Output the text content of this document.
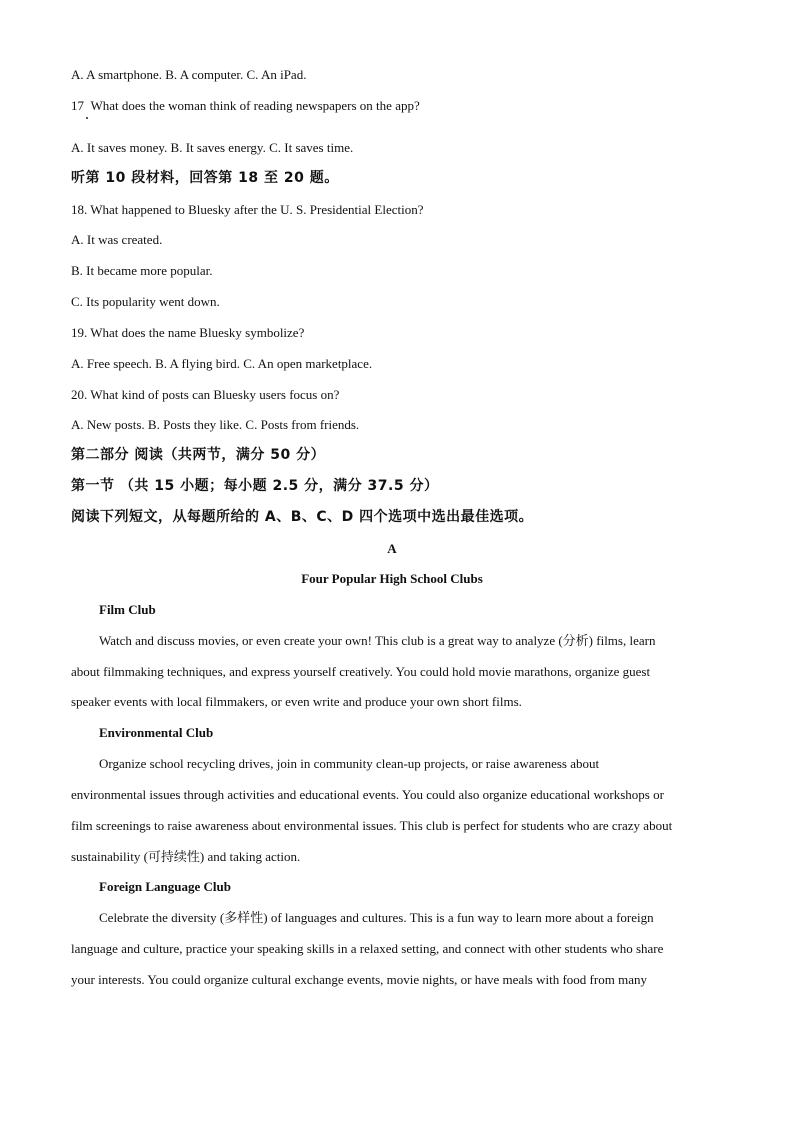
A. A smartphone. B. A computer. C. An iPad.
17 What does the woman think of reading newspapers on the app?
A. It saves money. B. It saves energy. C. It saves time.
听第 10 段材料，回答第 18 至 20 题。
18. What happened to Bluesky after the U. S. Presidential Election?
A. It was created.
B. It became more popular.
C. Its popularity went down.
19. What does the name Bluesky symbolize?
A. Free speech. B. A flying bird. C. An open marketplace.
20. What kind of posts can Bluesky users focus on?
A. New posts. B. Posts they like. C. Posts from friends.
第二部分 阅读（共两节，满分 50 分）
第一节 （共 15 小题；每小题 2.5 分，满分 37.5 分）
阅读下列短文，从每题所给的 A、B、C、D 四个选项中选出最佳选项。
A
Four Popular High School Clubs
Film Club
Watch and discuss movies, or even create your own! This club is a great way to analyze (分析) films, learn
about filmmaking techniques, and express yourself creatively. You could hold movie marathons, organize guest
speaker events with local filmmakers, or even write and produce your own short films.
Environmental Club
Organize school recycling drives, join in community clean-up projects, or raise awareness about
environmental issues through activities and educational events. You could also organize educational workshops or
film screenings to raise awareness about environmental issues. This club is perfect for students who are crazy about
sustainability (可持续性) and taking action.
Foreign Language Club
Celebrate the diversity (多样性) of languages and cultures. This is a fun way to learn more about a foreign
language and culture, practice your speaking skills in a relaxed setting, and connect with other students who share
your interests. You could organize cultural exchange events, movie nights, or have meals with food from many
